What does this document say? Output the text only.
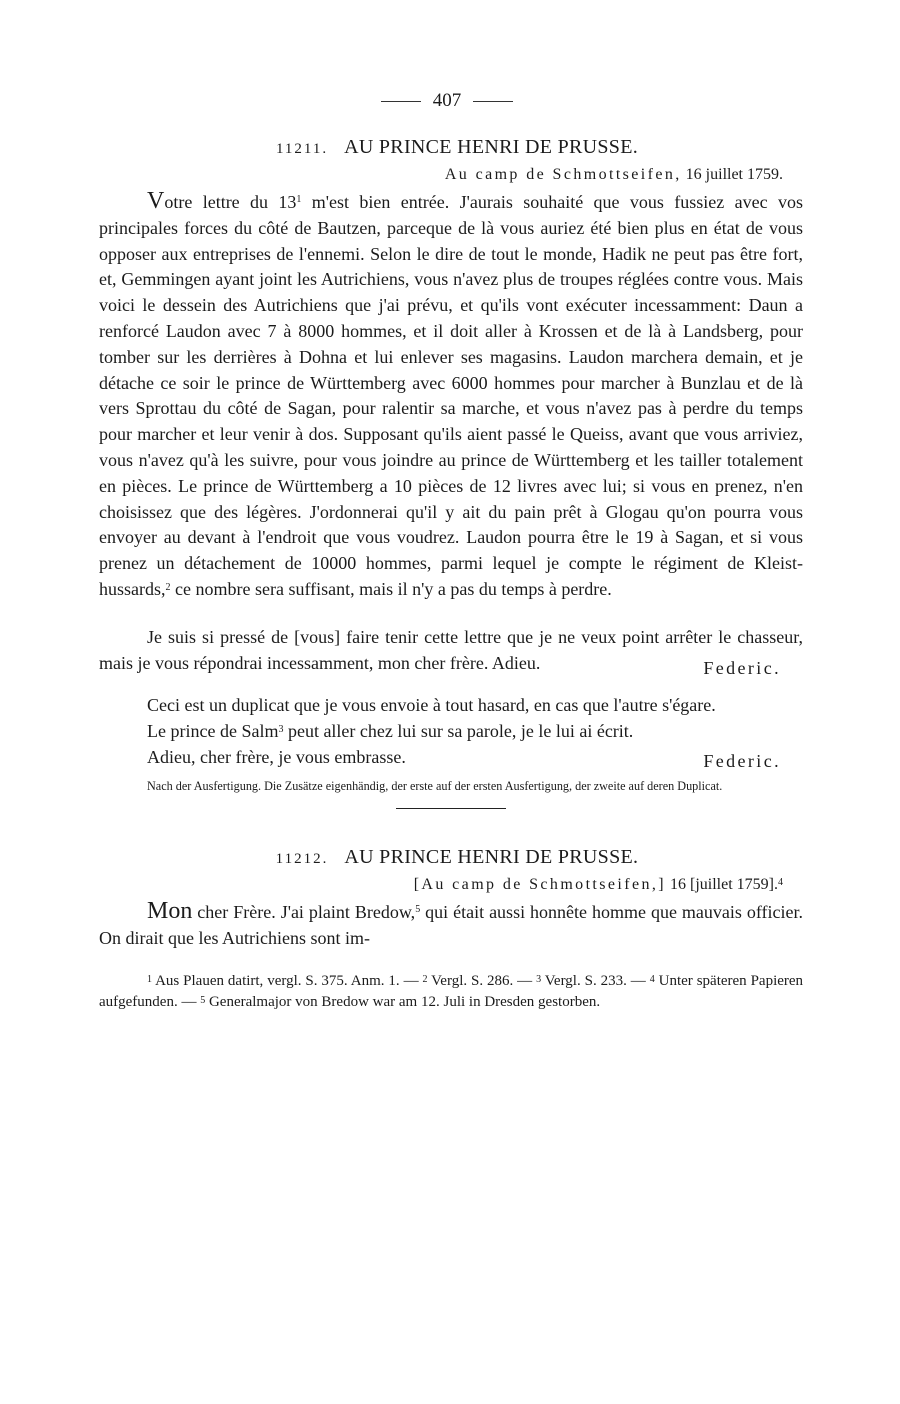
407
11211. AU PRINCE HENRI DE PRUSSE.
Au camp de Schmottseifen, 16 juillet 1759.

Votre lettre du $13^1$ m'est bien entrée. J'aurais souhaité que vous fussiez avec vos principales forces du côté de Bautzen, parceque de là vous auriez été bien plus en état de vous opposer aux entreprises de l'ennemi. Selon le dire de tout le monde, Hadik ne peut pas être fort, et, Gemmingen ayant joint les Autrichiens, vous n'avez plus de troupes réglées contre vous. Mais voici le dessein des Autrichiens que j'ai prévu, et qu'ils vont exécuter incessamment: Daun a renforcé Laudon avec 7 à 8000 hommes, et il doit aller à Krossen et de là à Landsberg, pour tomber sur les derrières à Dohna et lui enlever ses magasins. Laudon marchera demain, et je détache ce soir le prince de Württemberg avec 6000 hommes pour marcher à Bunzlau et de là vers Sprottau du côté de Sagan, pour ralentir sa marche, et vous n'avez pas à perdre du temps pour marcher et leur venir à dos. Supposant qu'ils aient passé le Queiss, avant que vous arriviez, vous n'avez qu'à les suivre, pour vous joindre au prince de Württemberg et les tailler totalement en pièces. Le prince de Württemberg a 10 pièces de 12 livres avec lui; si vous en prenez, n'en choisissez que des légères. J'ordonnerai qu'il y ait du pain prêt à Glogau qu'on pourra vous envoyer au devant à l'endroit que vous voudrez. Laudon pourra être le 19 à Sagan, et si vous prenez un détachement de 10000 hommes, parmi lequel je compte le régiment de Kleist-hussards,$^2$ ce nombre sera suffisant, mais il n'y a pas du temps à perdre.

Je suis si pressé de [vous] faire tenir cette lettre que je ne veux point arrêter le chasseur, mais je vous répondrai incessamment, mon cher frère. Adieu.	Federic.

Ceci est un duplicat que je vous envoie à tout hasard, en cas que l'autre s'égare.

Le prince de Salm$^3$ peut aller chez lui sur sa parole, je le lui ai écrit.

Adieu, cher frère, je vous embrasse.	Federic.
Nach der Ausfertigung. Die Zusätze eigenhändig, der erste auf der ersten Ausfertigung, der zweite auf deren Duplicat.
11212. AU PRINCE HENRI DE PRUSSE.
[Au camp de Schmottseifen,] 16 [juillet 1759].$^4$

Mon cher Frère. J'ai plaint Bredow,$^5$ qui était aussi honnête homme que mauvais officier. On dirait que les Autrichiens sont im-

$^1$ Aus Plauen datirt, vergl. S. 375. Anm. 1. — $^2$ Vergl. S. 286. — $^3$ Vergl. S. 233. — $^4$ Unter späteren Papieren aufgefunden. — $^5$ Generalmajor von Bredow war am 12. Juli in Dresden gestorben.
